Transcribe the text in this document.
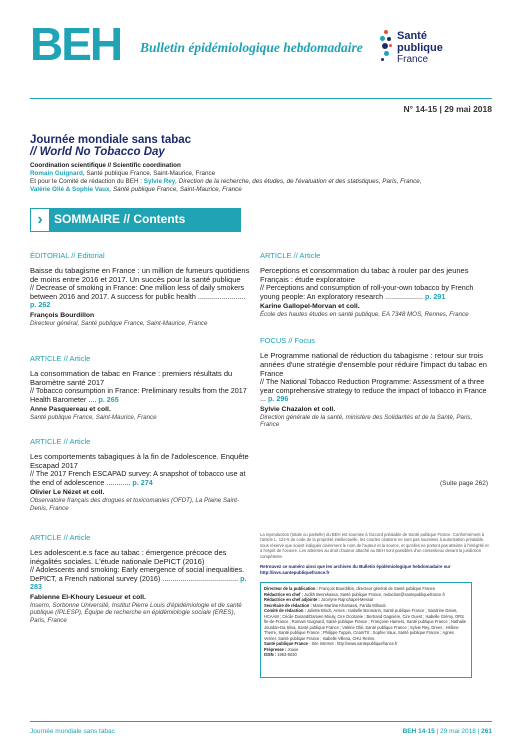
BEH Bulletin épidémiologique hebdomadaire
Santé
publique
France
N° 14-15 | 29 mai 2018
Journée mondiale sans tabac
// World No Tobacco Day
Coordination scientifique // Scientific coordination
Romain Guignard, Santé publique France, Saint-Maurice, France
Et pour le Comité de rédaction du BEH : Sylvie Rey, Direction de la recherche, des études, de l'évaluation et des statistiques, Paris, France,
Valérie Olié & Sophie Vaux, Santé publique France, Saint-Maurice, France
› SOMMAIRE // Contents
ÉDITORIAL // Editorial
Baisse du tabagisme en France : un million de fumeurs quotidiens de moins entre 2016 et 2017. Un succès pour la santé publique
// Decrease of smoking in France: One million less of daily smokers between 2016 and 2017. A success for public health ........................ p. 262
François Bourdillon
Directeur général, Santé publique France, Saint-Maurice, France
ARTICLE // Article
La consommation de tabac en France : premiers résultats du Baromètre santé 2017
// Tobacco consumption in France: Preliminary results from the 2017 Health Barometer .... p. 265
Anne Pasquereau et coll.
Santé publique France, Saint-Maurice, France
ARTICLE // Article
Les comportements tabagiques à la fin de l'adolescence. Enquête Escapad 2017
// The 2017 French ESCAPAD survey: A snapshot of tobacco use at the end of adolescence ............ p. 274
Olivier Le Nézet et coll.
Observatoire français des drogues et toxicomanies (OFDT), La Plaine Saint-Denis, France
ARTICLE // Article
Les adolescent.e.s face au tabac : émergence précoce des inégalités sociales. L'étude nationale DePICT (2016)
// Adolescents and smoking: Early emergence of social inequalities. DePICT, a French national survey (2016) ...................................... p. 283
Fabienne El-Khoury Lesueur et coll.
Inserm, Sorbonne Université, Institut Pierre Louis d'épidémiologie et de santé publique (IPLESP), Équipe de recherche en épidémiologie sociale (ERES), Paris, France
ARTICLE // Article
Perceptions et consommation du tabac à rouler par des jeunes Français : étude exploratoire
// Perceptions and consumption of roll-your-own tobacco by French young people: An exploratory research ................... p. 291
Karine Gallopel-Morvan et coll.
École des hautes études en santé publique, EA 7348 MOS, Rennes, France
FOCUS // Focus
Le Programme national de réduction du tabagisme : retour sur trois années d'une stratégie d'ensemble pour réduire l'impact du tabac en France
// The National Tobacco Reduction Programme: Assessment of a three year comprehensive strategy to reduce the impact of tobacco in France ... p. 296
Sylvie Chazalon et coll.
Direction générale de la santé, ministère des Solidarités et de la Santé, Paris, France
(Suite page 262)
La reproduction (totale ou partielle) du BEH est soumise à l'accord préalable de Santé publique France. Conformément à l'article L. 122-5 du code de la propriété intellectuelle, les courtes citations ne sont pas soumises à autorisation préalable, sous réserve que soient indiqués clairement le nom de l'auteur et la source, et qu'elles ne portent pas atteinte à l'intégrité et à l'esprit de l'oeuvre. Les atteintes au droit d'auteur attaché au BEH sont passibles d'un contentieux devant la juridiction compétente.
Retrouvez ce numéro ainsi que les archives du Bulletin épidémiologique hebdomadaire sur http://invs.santepubliquefrance.fr
Directeur de la publication : François Bourdillon, directeur général de Santé publique France
Rédactrice en chef : Judith Benrekassa, Santé publique France, redaction@santepubliquefrance.fr
Rédactrice en chef adjointe : Jocelyne Rajnchapel-Messaï
Secrétaire de rédaction : Marie-Martine Khamassi, Farida Mihoub
Comité de rédaction : Juliette Bloch, Anses ; Isabelle Bonmarin, Santé publique France ; Sandrine Danet, HCAAM ; Cécile Durand/Damien Mouly, Cire Occitanie ; Bertrand Gagnière, Cire Ouest ; Isabelle Grémy, ORS Île-de-France ; Romain Guignard, Santé publique France ; Françoise Hamers, Santé publique France ; Nathalie Jourdan-Da Silva, Santé publique France ; Valérie Olié, Santé publique France ; Sylvie Rey, Drees ; Hélène Therre, Santé publique France ; Philippe Tuppin, CnamTS ; Sophie Vaux, Santé publique France ; Agnès Verrier, Santé publique France ; Isabelle Villena, CHU Reims.
Santé publique France - Site Internet : http://www.santepubliquefrance.fr
Prépresse : Jouve
ISSN : 1953-8030
Journée mondiale sans tabac	BEH 14-15 | 29 mai 2018 | 261
